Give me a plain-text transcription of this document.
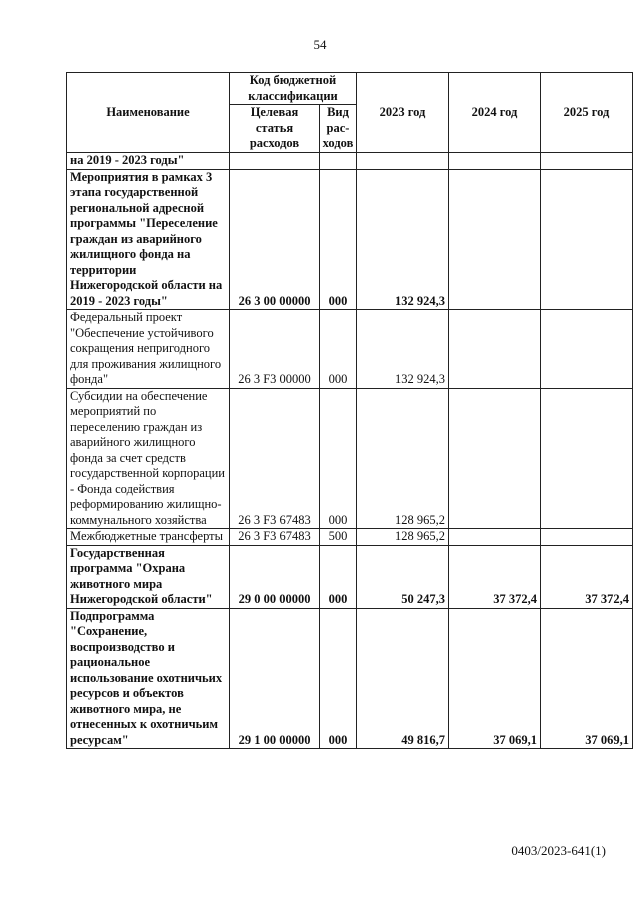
54
Наименование	Код бюджетной классификации		2023 год	2024 год	2025 год
	Целевая статья расходов	Вид рас-ходов			
на 2019 - 2023 годы"					
Мероприятия в рамках 3 этапа государственной региональной адресной программы "Переселение граждан из аварийного жилищного фонда на территории Нижегородской области на 2019 - 2023 годы"	26 3 00 00000	000	132 924,3		
Федеральный проект "Обеспечение устойчивого сокращения непригодного для проживания жилищного фонда"	26 3 F3 00000	000	132 924,3		
Субсидии на обеспечение мероприятий по переселению граждан из аварийного жилищного фонда за счет средств государственной корпорации - Фонда содействия реформированию жилищно-коммунального хозяйства	26 3 F3 67483	000	128 965,2		
Межбюджетные трансферты	26 3 F3 67483	500	128 965,2		
Государственная программа "Охрана животного мира Нижегородской области"	29 0 00 00000	000	50 247,3	37 372,4	37 372,4
Подпрограмма "Сохранение, воспроизводство и рациональное использование охотничьих ресурсов и объектов животного мира, не отнесенных к охотничьим ресурсам"	29 1 00 00000	000	49 816,7	37 069,1	37 069,1
0403/2023-641(1)
